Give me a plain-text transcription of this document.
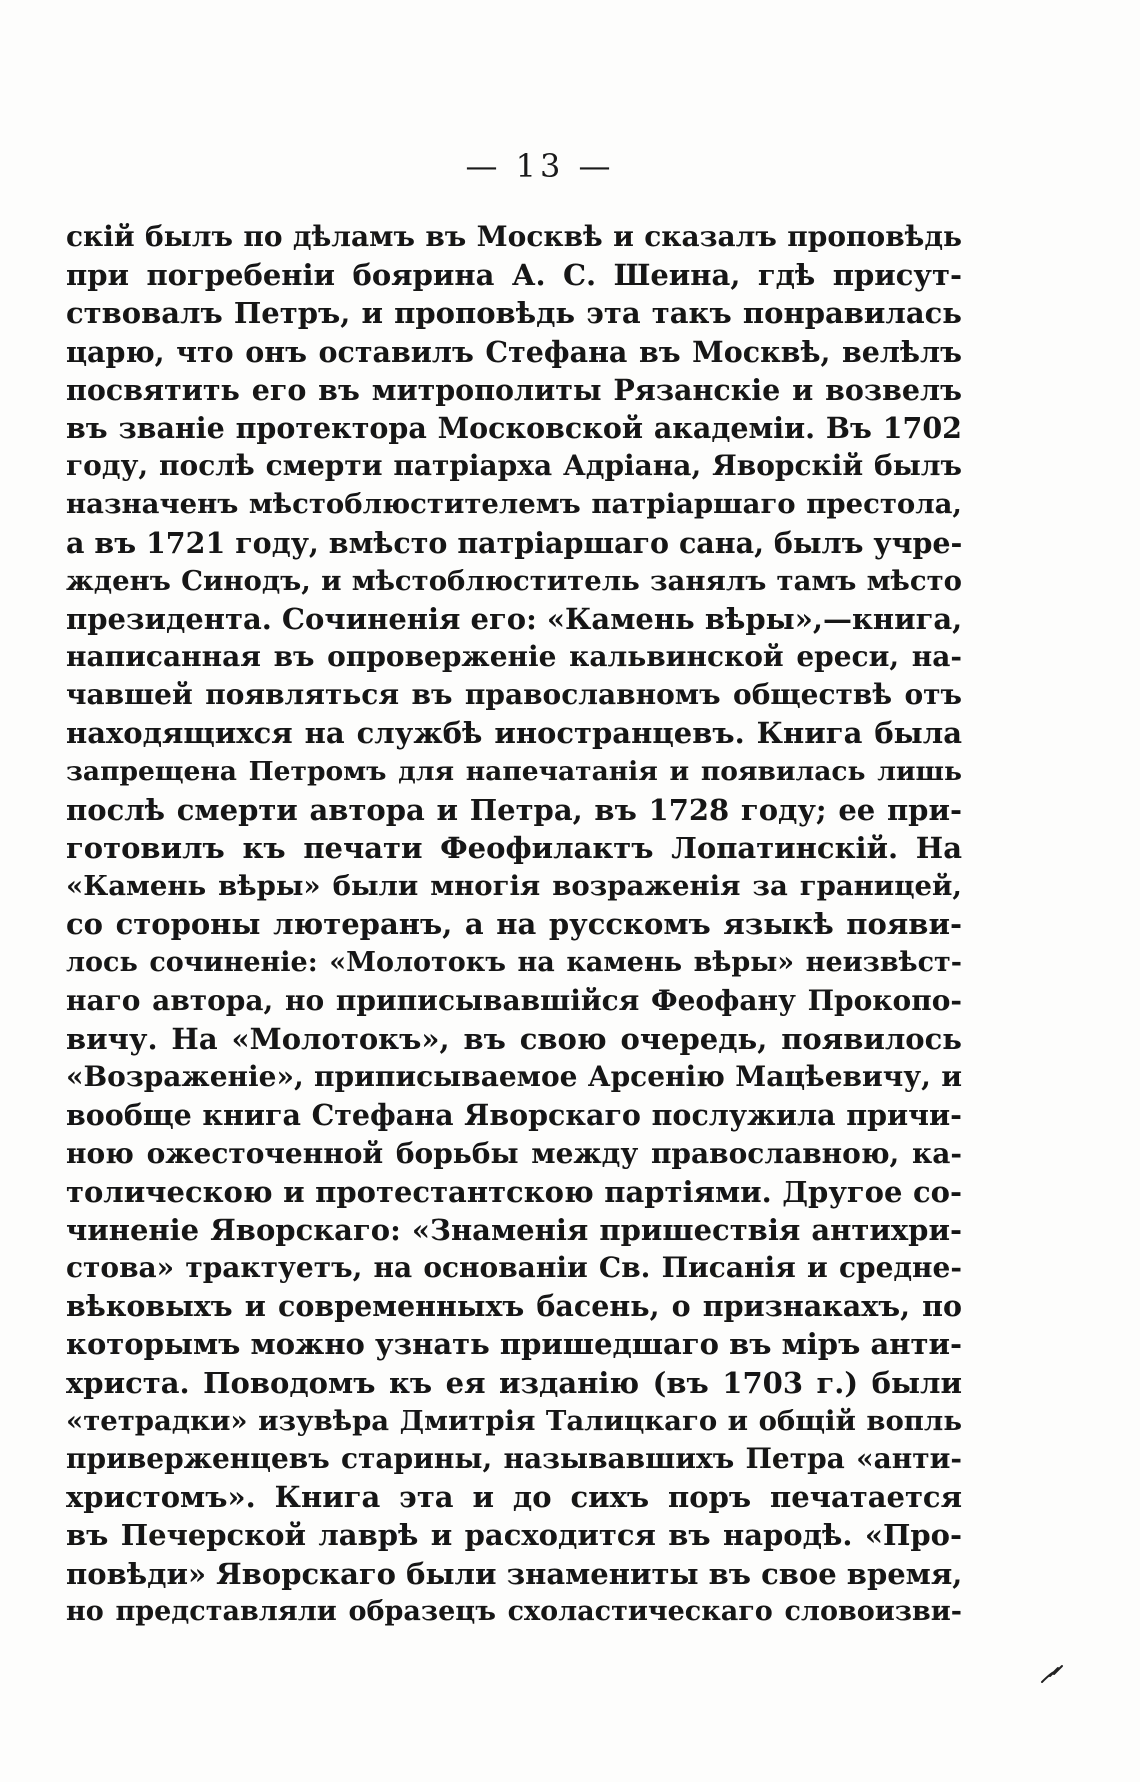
— 13 —
скій былъ по дѣламъ въ Москвѣ и сказалъ проповѣдь
при погребеніи боярина А. С. Шеина, гдѣ присут-
ствовалъ Петръ, и проповѣдь эта такъ понравилась
царю, что онъ оставилъ Стефана въ Москвѣ, велѣлъ
посвятить его въ митрополиты Рязанскіе и возвелъ
въ званіе протектора Московской академіи. Въ 1702
году, послѣ смерти патріарха Адріана, Яворскій былъ
назначенъ мѣстоблюстителемъ патріаршаго престола,
а въ 1721 году, вмѣсто патріаршаго сана, былъ учре-
жденъ Синодъ, и мѣстоблюститель занялъ тамъ мѣсто
президента. Сочиненія его: «Камень вѣры»,—книга,
написанная въ опроверженіе кальвинской ереси, на-
чавшей появляться въ православномъ обществѣ отъ
находящихся на службѣ иностранцевъ. Книга была
запрещена Петромъ для напечатанія и появилась лишь
послѣ смерти автора и Петра, въ 1728 году; ее при-
готовилъ къ печати Феофилактъ Лопатинскій. На
«Камень вѣры» были многія возраженія за границей,
со стороны лютеранъ, а на русскомъ языкѣ появи-
лось сочиненіе: «Молотокъ на камень вѣры» неизвѣст-
наго автора, но приписывавшійся Феофану Прокопо-
вичу. На «Молотокъ», въ свою очередь, появилось
«Возраженіе», приписываемое Арсенію Мацѣевичу, и
вообще книга Стефана Яворскаго послужила причи-
ною ожесточенной борьбы между православною, ка-
толическою и протестантскою партіями. Другое со-
чиненіе Яворскаго: «Знаменія пришествія антихри-
стова» трактуетъ, на основаніи Св. Писанія и средне-
вѣковыхъ и современныхъ басень, о признакахъ, по
которымъ можно узнать пришедшаго въ міръ анти-
христа. Поводомъ къ ея изданію (въ 1703 г.) были
«тетрадки» изувѣра Дмитрія Талицкаго и общій вопль
приверженцевъ старины, называвшихъ Петра «анти-
христомъ». Книга эта и до сихъ поръ печатается
въ Печерской лаврѣ и расходится въ народѣ. «Про-
повѣди» Яворскаго были знамениты въ свое время,
но представляли образецъ схоластическаго словоизви-
